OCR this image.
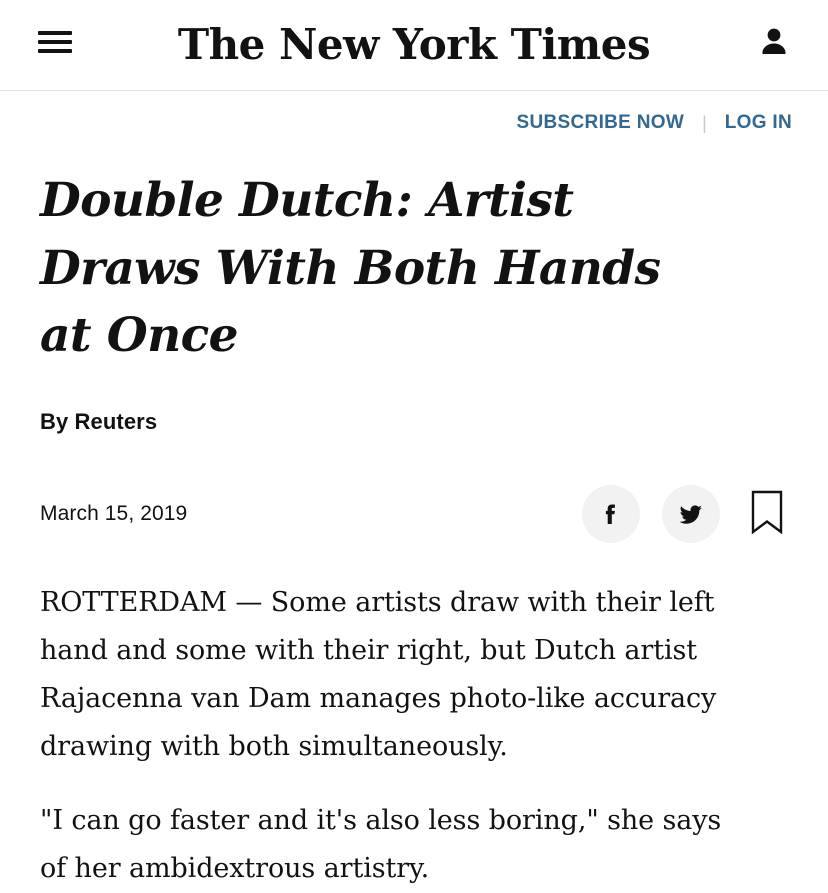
The New York Times
SUBSCRIBE NOW | LOG IN
Double Dutch: Artist Draws With Both Hands at Once
By Reuters
March 15, 2019

ROTTERDAM — Some artists draw with their left hand and some with their right, but Dutch artist Rajacenna van Dam manages photo-like accuracy drawing with both simultaneously.

"I can go faster and it's also less boring," she says of her ambidextrous artistry.
